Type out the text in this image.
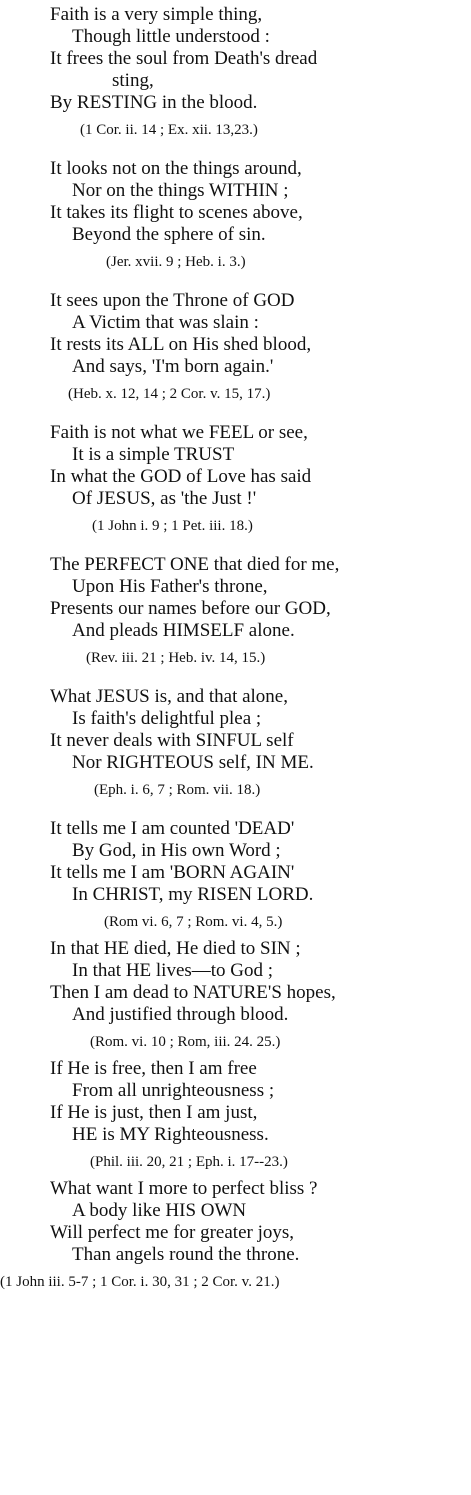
Faith is a very simple thing,
Though little understood :
It frees the soul from Death's dread
sting,
By RESTING in the blood.
(1 Cor. ii. 14 ; Ex. xii. 13,23.)
It looks not on the things around,
Nor on the things WITHIN ;
It takes its flight to scenes above,
Beyond the sphere of sin.
(Jer. xvii. 9 ; Heb. i. 3.)
It sees upon the Throne of GOD
A Victim that was slain :
It rests its ALL on His shed blood,
And says, 'I'm born again.'
(Heb. x. 12, 14 ; 2 Cor. v. 15, 17.)
Faith is not what we FEEL or see,
It is a simple TRUST
In what the GOD of Love has said
Of JESUS, as 'the Just !'
(1 John i. 9 ; 1 Pet. iii. 18.)
The PERFECT ONE that died for me,
Upon His Father's throne,
Presents our names before our GOD,
And pleads HIMSELF alone.
(Rev. iii. 21 ; Heb. iv. 14, 15.)
What JESUS is, and that alone,
Is faith's delightful plea ;
It never deals with SINFUL self
Nor RIGHTEOUS self, IN ME.
(Eph. i. 6, 7 ; Rom. vii. 18.)
It tells me I am counted 'DEAD'
By God, in His own Word ;
It tells me I am 'BORN AGAIN'
In CHRIST, my RISEN LORD.
(Rom vi. 6, 7 ; Rom. vi. 4, 5.)
In that HE died, He died to SIN ;
In that HE lives—to God ;
Then I am dead to NATURE'S hopes,
And justified through blood.
(Rom. vi. 10 ; Rom, iii. 24. 25.)
If He is free, then I am free
From all unrighteousness ;
If He is just, then I am just,
HE is MY Righteousness.
(Phil. iii. 20, 21 ; Eph. i. 17--23.)
What want I more to perfect bliss ?
A body like HIS OWN
Will perfect me for greater joys,
Than angels round the throne.
(1 John iii. 5-7 ; 1 Cor. i. 30, 31 ; 2 Cor. v. 21.)
